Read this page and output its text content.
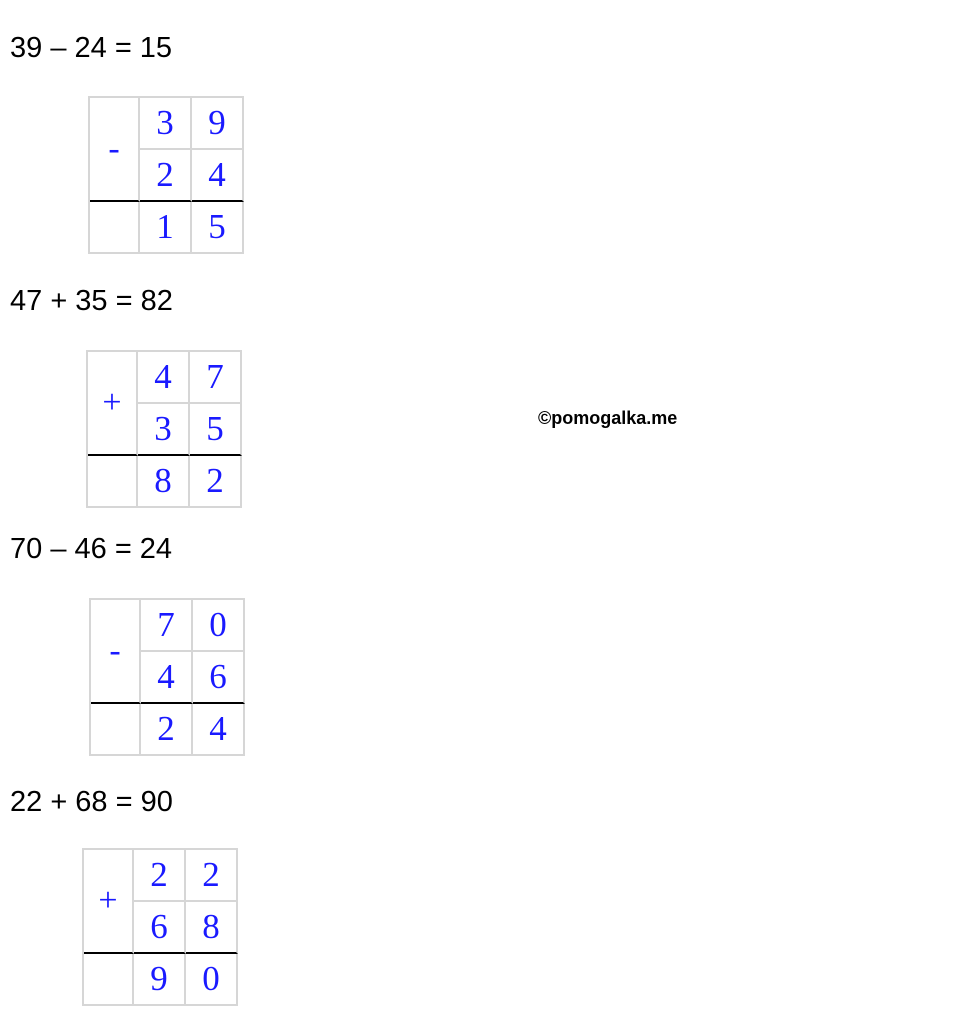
39 – 24 = 15
-
3 9
2 4
1 5
47 + 35 = 82
+
4 7
3 5
8 2
©pomogalka.me
70 – 46 = 24
-
7 0
4 6
2 4
22 + 68 = 90
+
2 2
6 8
9 0
